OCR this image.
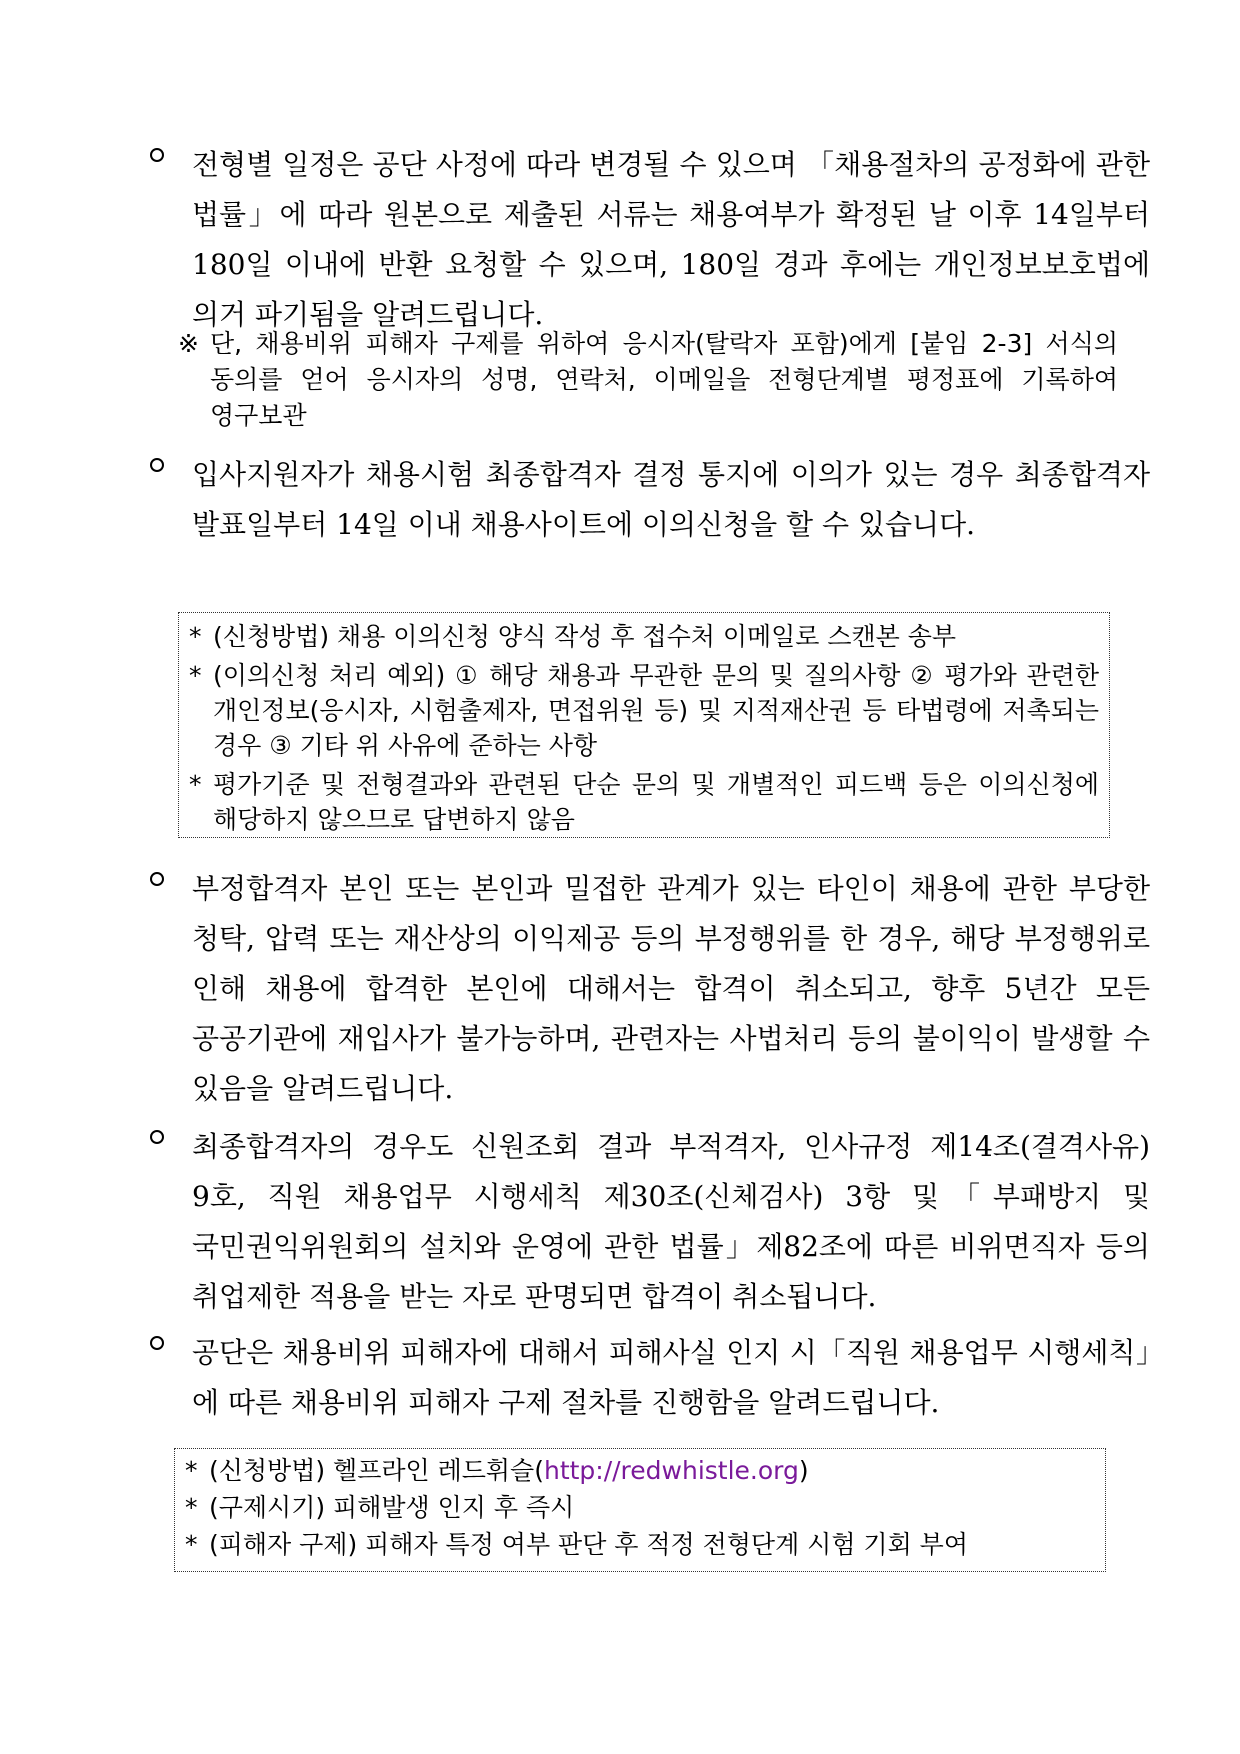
전형별 일정은 공단 사정에 따라 변경될 수 있으며 「채용절차의 공정화에 관한 법률」에 따라 원본으로 제출된 서류는 채용여부가 확정된 날 이후 14일부터 180일 이내에 반환 요청할 수 있으며, 180일 경과 후에는 개인정보보호법에 의거 파기됨을 알려드립니다.
※ 단, 채용비위 피해자 구제를 위하여 응시자(탈락자 포함)에게 [붙임 2-3] 서식의 동의를 얻어 응시자의 성명, 연락처, 이메일을 전형단계별 평정표에 기록하여 영구보관
입사지원자가 채용시험 최종합격자 결정 통지에 이의가 있는 경우 최종합격자 발표일부터 14일 이내 채용사이트에 이의신청을 할 수 있습니다.
* (신청방법) 채용 이의신청 양식 작성 후 접수처 이메일로 스캔본 송부
* (이의신청 처리 예외) ① 해당 채용과 무관한 문의 및 질의사항 ② 평가와 관련한 개인정보(응시자, 시험출제자, 면접위원 등) 및 지적재산권 등 타법령에 저촉되는 경우 ③ 기타 위 사유에 준하는 사항
* 평가기준 및 전형결과와 관련된 단순 문의 및 개별적인 피드백 등은 이의신청에 해당하지 않으므로 답변하지 않음
부정합격자 본인 또는 본인과 밀접한 관계가 있는 타인이 채용에 관한 부당한 청탁, 압력 또는 재산상의 이익제공 등의 부정행위를 한 경우, 해당 부정행위로 인해 채용에 합격한 본인에 대해서는 합격이 취소되고, 향후 5년간 모든 공공기관에 재입사가 불가능하며, 관련자는 사법처리 등의 불이익이 발생할 수 있음을 알려드립니다.
최종합격자의 경우도 신원조회 결과 부적격자, 인사규정 제14조(결격사유) 9호, 직원 채용업무 시행세칙 제30조(신체검사) 3항 및「부패방지 및 국민권익위원회의 설치와 운영에 관한 법률」제82조에 따른 비위면직자 등의 취업제한 적용을 받는 자로 판명되면 합격이 취소됩니다.
공단은 채용비위 피해자에 대해서 피해사실 인지 시「직원 채용업무 시행세칙」에 따른 채용비위 피해자 구제 절차를 진행함을 알려드립니다.
* (신청방법) 헬프라인 레드휘슬(http://redwhistle.org)
* (구제시기) 피해발생 인지 후 즉시
* (피해자 구제) 피해자 특정 여부 판단 후 적정 전형단계 시험 기회 부여
